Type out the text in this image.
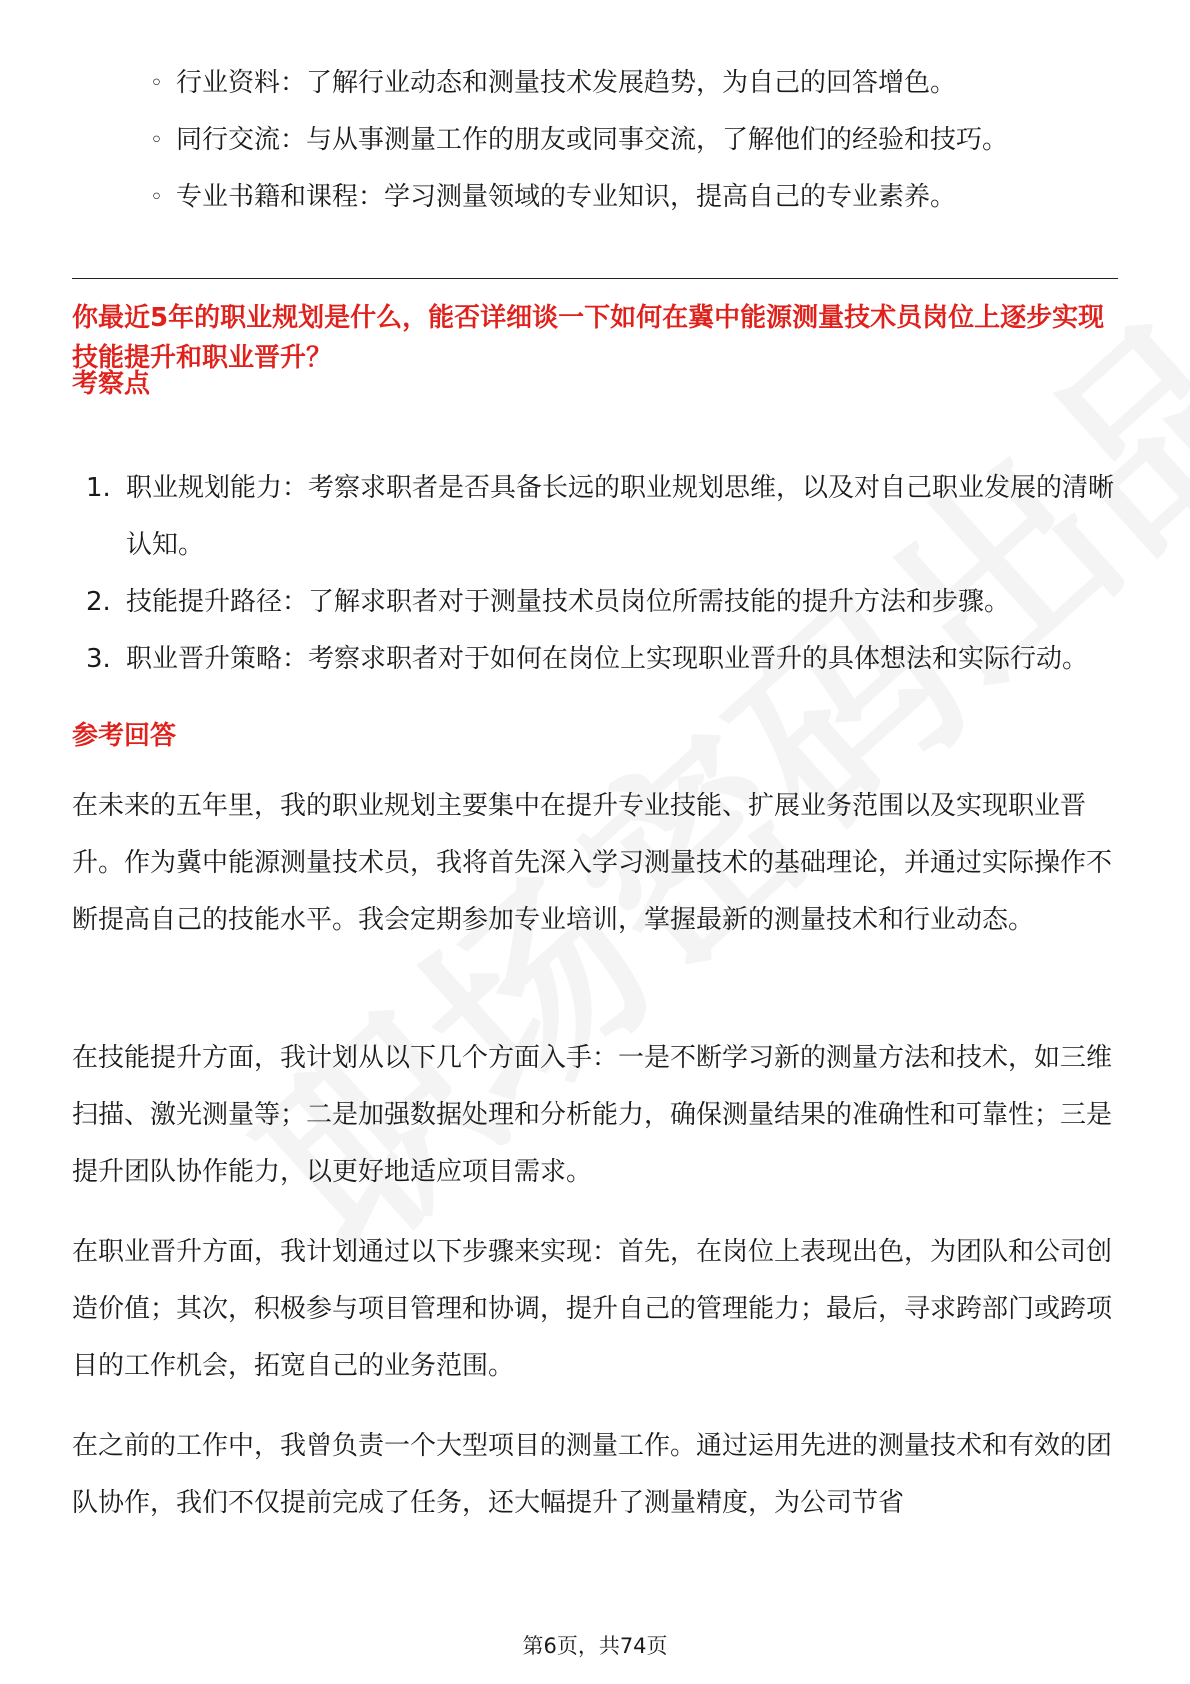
◦ 行业资料：了解行业动态和测量技术发展趋势，为自己的回答增色。
◦ 同行交流：与从事测量工作的朋友或同事交流，了解他们的经验和技巧。
◦ 专业书籍和课程：学习测量领域的专业知识，提高自己的专业素养。

你最近5年的职业规划是什么，能否详细谈一下如何在冀中能源测量技术员岗位上逐步实现技能提升和职业晋升？

考察点

1. 职业规划能力：考察求职者是否具备长远的职业规划思维，以及对自己职业发展的清晰认知。
2. 技能提升路径：了解求职者对于测量技术员岗位所需技能的提升方法和步骤。
3. 职业晋升策略：考察求职者对于如何在岗位上实现职业晋升的具体想法和实际行动。

参考回答

在未来的五年里，我的职业规划主要集中在提升专业技能、扩展业务范围以及实现职业晋升。作为冀中能源测量技术员，我将首先深入学习测量技术的基础理论，并通过实际操作不断提高自己的技能水平。我会定期参加专业培训，掌握最新的测量技术和行业动态。

在技能提升方面，我计划从以下几个方面入手：一是不断学习新的测量方法和技术，如三维扫描、激光测量等；二是加强数据处理和分析能力，确保测量结果的准确性和可靠性；三是提升团队协作能力，以更好地适应项目需求。

在职业晋升方面，我计划通过以下步骤来实现：首先，在岗位上表现出色，为团队和公司创造价值；其次，积极参与项目管理和协调，提升自己的管理能力；最后，寻求跨部门或跨项目的工作机会，拓宽自己的业务范围。

在之前的工作中，我曾负责一个大型项目的测量工作。通过运用先进的测量技术和有效的团队协作，我们不仅提前完成了任务，还大幅提升了测量精度，为公司节省

第6页，共74页
